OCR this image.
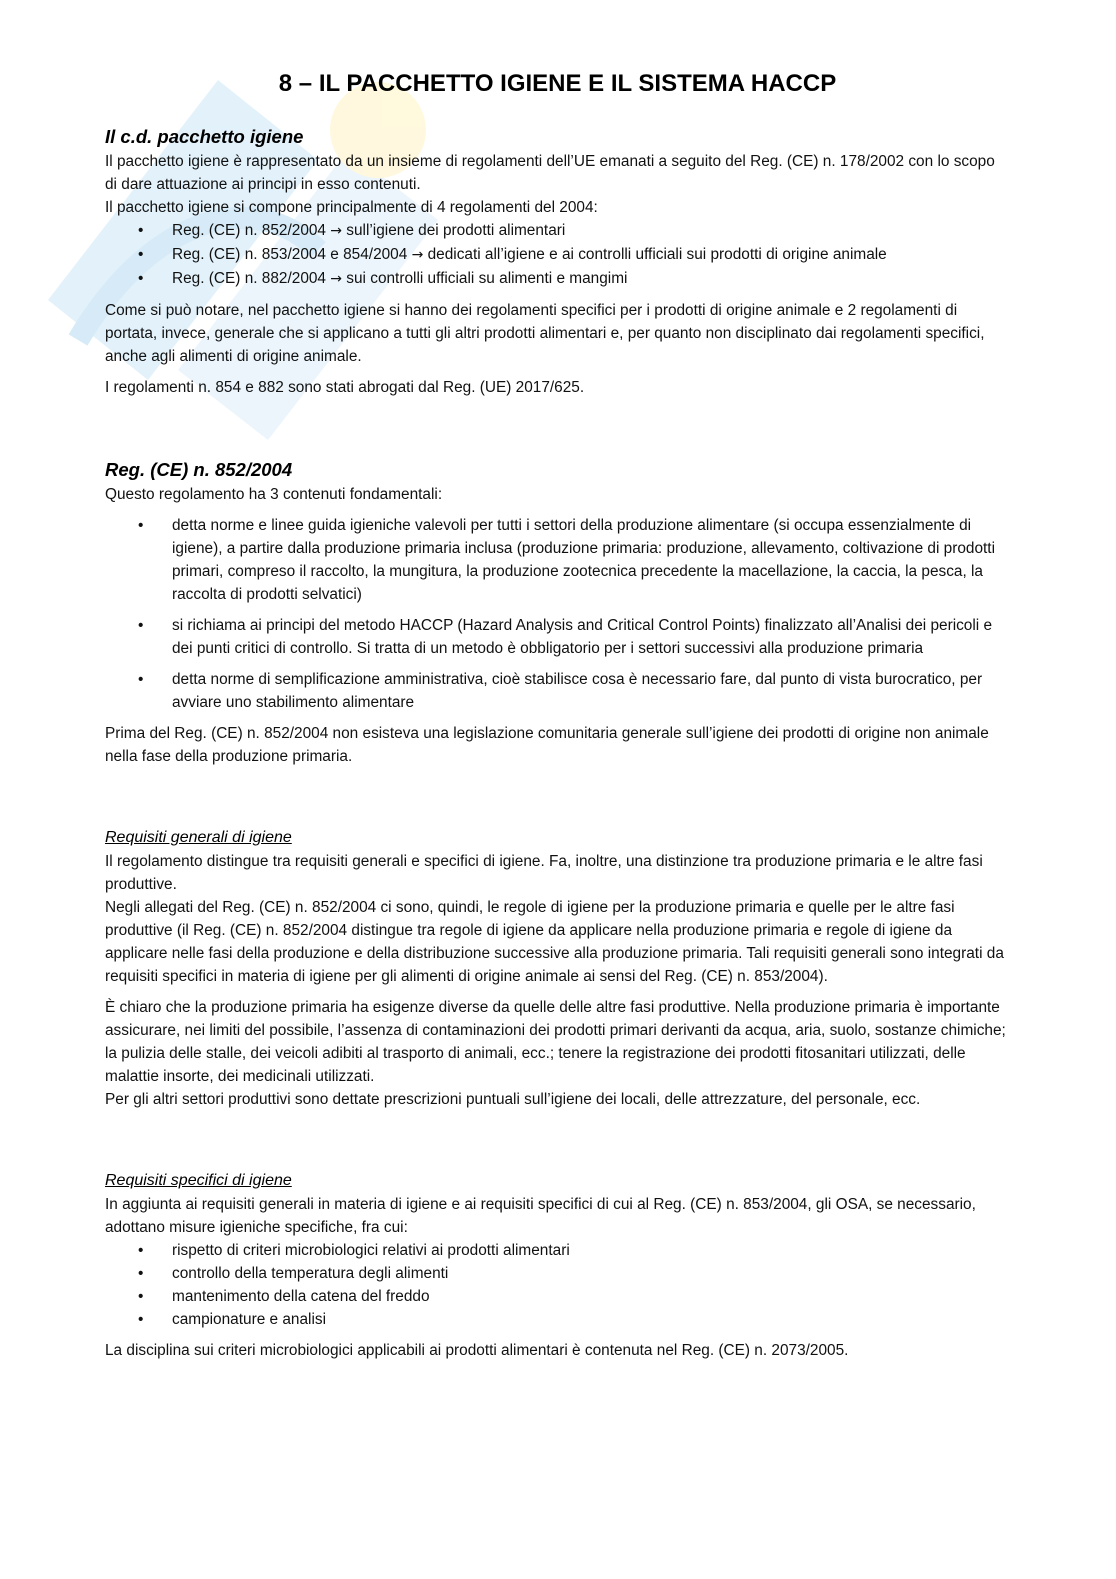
8 – IL PACCHETTO IGIENE E IL SISTEMA HACCP
Il c.d. pacchetto igiene

Il pacchetto igiene è rappresentato da un insieme di regolamenti dell’UE emanati a seguito del Reg. (CE) n. 178/2002 con lo scopo di dare attuazione ai principi in esso contenuti.

Il pacchetto igiene si compone principalmente di 4 regolamenti del 2004:

• Reg. (CE) n. 852/2004 → sull’igiene dei prodotti alimentari
• Reg. (CE) n. 853/2004 e 854/2004 → dedicati all’igiene e ai controlli ufficiali sui prodotti di origine animale
• Reg. (CE) n. 882/2004 → sui controlli ufficiali su alimenti e mangimi

Come si può notare, nel pacchetto igiene si hanno dei regolamenti specifici per i prodotti di origine animale e 2 regolamenti di portata, invece, generale che si applicano a tutti gli altri prodotti alimentari e, per quanto non disciplinato dai regolamenti specifici, anche agli alimenti di origine animale.

I regolamenti n. 854 e 882 sono stati abrogati dal Reg. (UE) 2017/625.

Reg. (CE) n. 852/2004

Questo regolamento ha 3 contenuti fondamentali:

• detta norme e linee guida igieniche valevoli per tutti i settori della produzione alimentare (si occupa essenzialmente di igiene), a partire dalla produzione primaria inclusa (produzione primaria: produzione, allevamento, coltivazione di prodotti primari, compreso il raccolto, la mungitura, la produzione zootecnica precedente la macellazione, la caccia, la pesca, la raccolta di prodotti selvatici)
• si richiama ai principi del metodo HACCP (Hazard Analysis and Critical Control Points) finalizzato all’Analisi dei pericoli e dei punti critici di controllo. Si tratta di un metodo è obbligatorio per i settori successivi alla produzione primaria
• detta norme di semplificazione amministrativa, cioè stabilisce cosa è necessario fare, dal punto di vista burocratico, per avviare uno stabilimento alimentare

Prima del Reg. (CE) n. 852/2004 non esisteva una legislazione comunitaria generale sull’igiene dei prodotti di origine non animale nella fase della produzione primaria.

Requisiti generali di igiene

Il regolamento distingue tra requisiti generali e specifici di igiene. Fa, inoltre, una distinzione tra produzione primaria e le altre fasi produttive.

Negli allegati del Reg. (CE) n. 852/2004 ci sono, quindi, le regole di igiene per la produzione primaria e quelle per le altre fasi produttive (il Reg. (CE) n. 852/2004 distingue tra regole di igiene da applicare nella produzione primaria e regole di igiene da applicare nelle fasi della produzione e della distribuzione successive alla produzione primaria. Tali requisiti generali sono integrati da requisiti specifici in materia di igiene per gli alimenti di origine animale ai sensi del Reg. (CE) n. 853/2004).

È chiaro che la produzione primaria ha esigenze diverse da quelle delle altre fasi produttive. Nella produzione primaria è importante assicurare, nei limiti del possibile, l’assenza di contaminazioni dei prodotti primari derivanti da acqua, aria, suolo, sostanze chimiche; la pulizia delle stalle, dei veicoli adibiti al trasporto di animali, ecc.; tenere la registrazione dei prodotti fitosanitari utilizzati, delle malattie insorte, dei medicinali utilizzati.

Per gli altri settori produttivi sono dettate prescrizioni puntuali sull’igiene dei locali, delle attrezzature, del personale, ecc.

Requisiti specifici di igiene

In aggiunta ai requisiti generali in materia di igiene e ai requisiti specifici di cui al Reg. (CE) n. 853/2004, gli OSA, se necessario, adottano misure igieniche specifiche, fra cui:

• rispetto di criteri microbiologici relativi ai prodotti alimentari
• controllo della temperatura degli alimenti
• mantenimento della catena del freddo
• campionature e analisi

La disciplina sui criteri microbiologici applicabili ai prodotti alimentari è contenuta nel Reg. (CE) n. 2073/2005.
